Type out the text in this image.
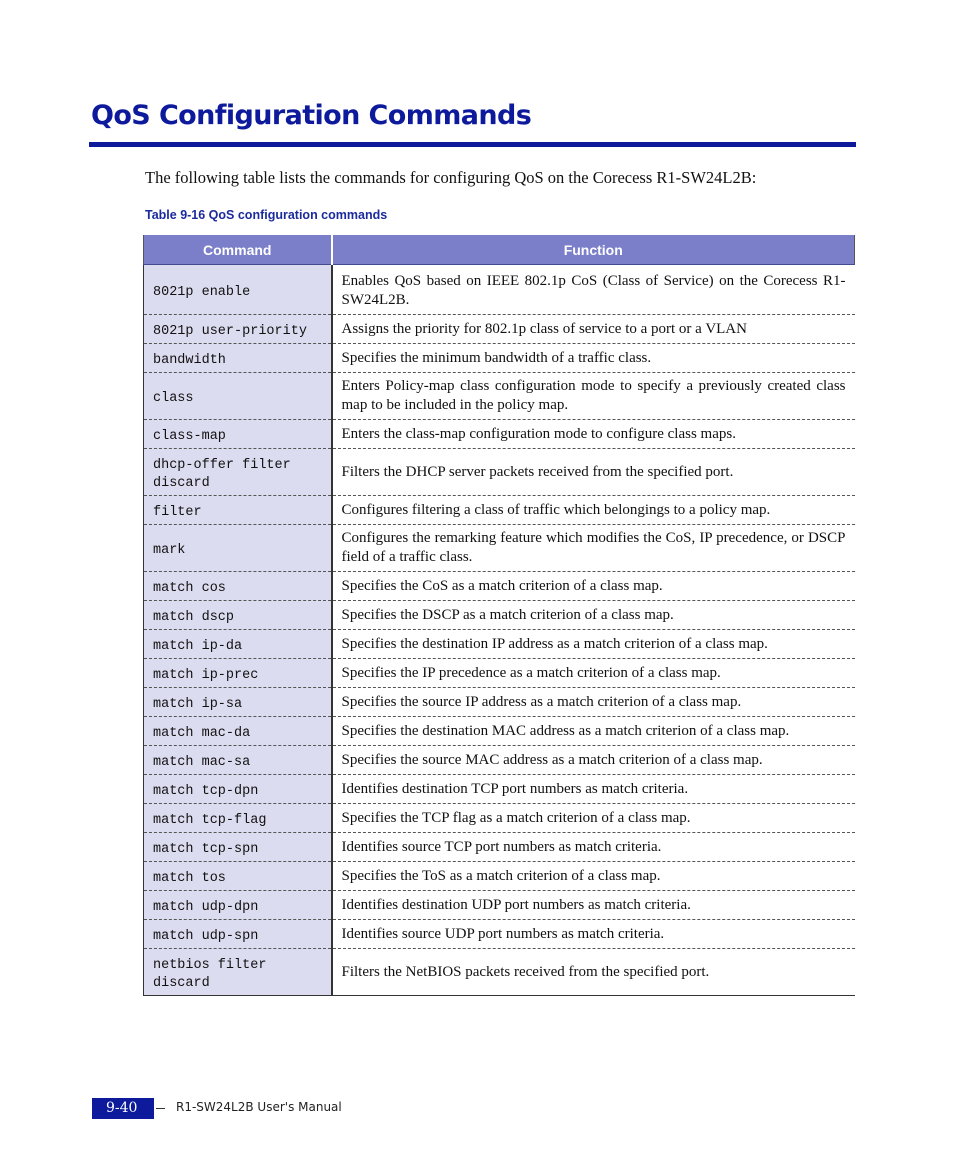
QoS Configuration Commands

The following table lists the commands for configuring QoS on the Corecess R1-SW24L2B:

Table 9-16 QoS configuration commands

Command	Function

8021p enable	Enables QoS based on IEEE 802.1p CoS (Class of Service) on the Corecess R1-SW24L2B.
8021p user-priority	Assigns the priority for 802.1p class of service to a port or a VLAN
bandwidth	Specifies the minimum bandwidth of a traffic class.
class	Enters Policy-map class configuration mode to specify a previously created class map to be included in the policy map.
class-map	Enters the class-map configuration mode to configure class maps.
dhcp-offer filter discard	Filters the DHCP server packets received from the specified port.
filter	Configures filtering a class of traffic which belongings to a policy map.
mark	Configures the remarking feature which modifies the CoS, IP precedence, or DSCP field of a traffic class.
match cos	Specifies the CoS as a match criterion of a class map.
match dscp	Specifies the DSCP as a match criterion of a class map.
match ip-da	Specifies the destination IP address as a match criterion of a class map.
match ip-prec	Specifies the IP precedence as a match criterion of a class map.
match ip-sa	Specifies the source IP address as a match criterion of a class map.
match mac-da	Specifies the destination MAC address as a match criterion of a class map.
match mac-sa	Specifies the source MAC address as a match criterion of a class map.
match tcp-dpn	Identifies destination TCP port numbers as match criteria.
match tcp-flag	Specifies the TCP flag as a match criterion of a class map.
match tcp-spn	Identifies source TCP port numbers as match criteria.
match tos	Specifies the ToS as a match criterion of a class map.
match udp-dpn	Identifies destination UDP port numbers as match criteria.
match udp-spn	Identifies source UDP port numbers as match criteria.
netbios filter discard	Filters the NetBIOS packets received from the specified port.
9-40	R1-SW24L2B User's Manual
